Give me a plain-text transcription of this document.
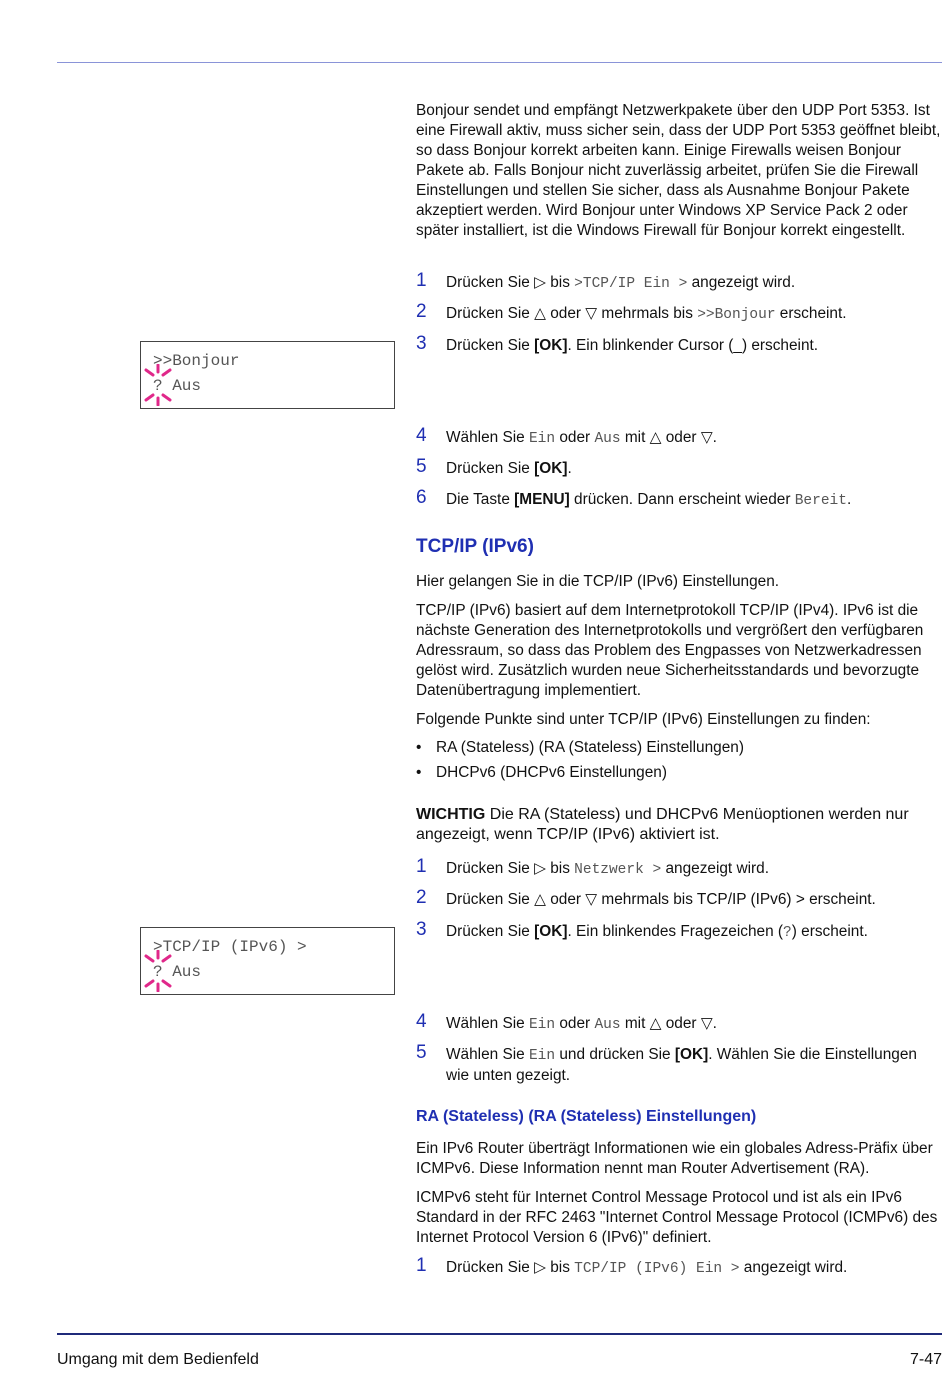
Bonjour sendet und empfängt Netzwerkpakete über den UDP Port 5353. Ist eine Firewall aktiv, muss sicher sein, dass der UDP Port 5353 geöffnet bleibt, so dass Bonjour korrekt arbeiten kann. Einige Firewalls weisen Bonjour Pakete ab. Falls Bonjour nicht zuverlässig arbeitet, prüfen Sie die Firewall Einstellungen und stellen Sie sicher, dass als Ausnahme Bonjour Pakete akzeptiert werden. Wird Bonjour unter Windows XP Service Pack 2 oder später installiert, ist die Windows Firewall für Bonjour korrekt eingestellt.

1 Drücken Sie ▷ bis >TCP/IP Ein > angezeigt wird.
2 Drücken Sie △ oder ▽ mehrmals bis >>Bonjour erscheint.
3 Drücken Sie [OK]. Ein blinkender Cursor (_) erscheint.
>>Bonjour
? Aus
4 Wählen Sie Ein oder Aus mit △ oder ▽.
5 Drücken Sie [OK].
6 Die Taste [MENU] drücken. Dann erscheint wieder Bereit.
TCP/IP (IPv6)

Hier gelangen Sie in die TCP/IP (IPv6) Einstellungen.

TCP/IP (IPv6) basiert auf dem Internetprotokoll TCP/IP (IPv4). IPv6 ist die nächste Generation des Internetprotokolls und vergrößert den verfügbaren Adressraum, so dass das Problem des Engpasses von Netzwerkadressen gelöst wird. Zusätzlich wurden neue Sicherheitsstandards und bevorzugte Datenübertragung implementiert.

Folgende Punkte sind unter TCP/IP (IPv6) Einstellungen zu finden:

• RA (Stateless) (RA (Stateless) Einstellungen)
• DHCPv6 (DHCPv6 Einstellungen)

WICHTIG Die RA (Stateless) und DHCPv6 Menüoptionen werden nur angezeigt, wenn TCP/IP (IPv6) aktiviert ist.

1 Drücken Sie ▷ bis Netzwerk > angezeigt wird.
2 Drücken Sie △ oder ▽ mehrmals bis TCP/IP (IPv6) > erscheint.
3 Drücken Sie [OK]. Ein blinkendes Fragezeichen (?) erscheint.
>TCP/IP (IPv6) >
? Aus
4 Wählen Sie Ein oder Aus mit △ oder ▽.
5 Wählen Sie Ein und drücken Sie [OK]. Wählen Sie die Einstellungen wie unten gezeigt.
RA (Stateless) (RA (Stateless) Einstellungen)

Ein IPv6 Router überträgt Informationen wie ein globales Adress-Präfix über ICMPv6. Diese Information nennt man Router Advertisement (RA).

ICMPv6 steht für Internet Control Message Protocol und ist als ein IPv6 Standard in der RFC 2463 "Internet Control Message Protocol (ICMPv6) des Internet Protocol Version 6 (IPv6)" definiert.

1 Drücken Sie ▷ bis TCP/IP (IPv6) Ein > angezeigt wird.
Umgang mit dem Bedienfeld	7-47
